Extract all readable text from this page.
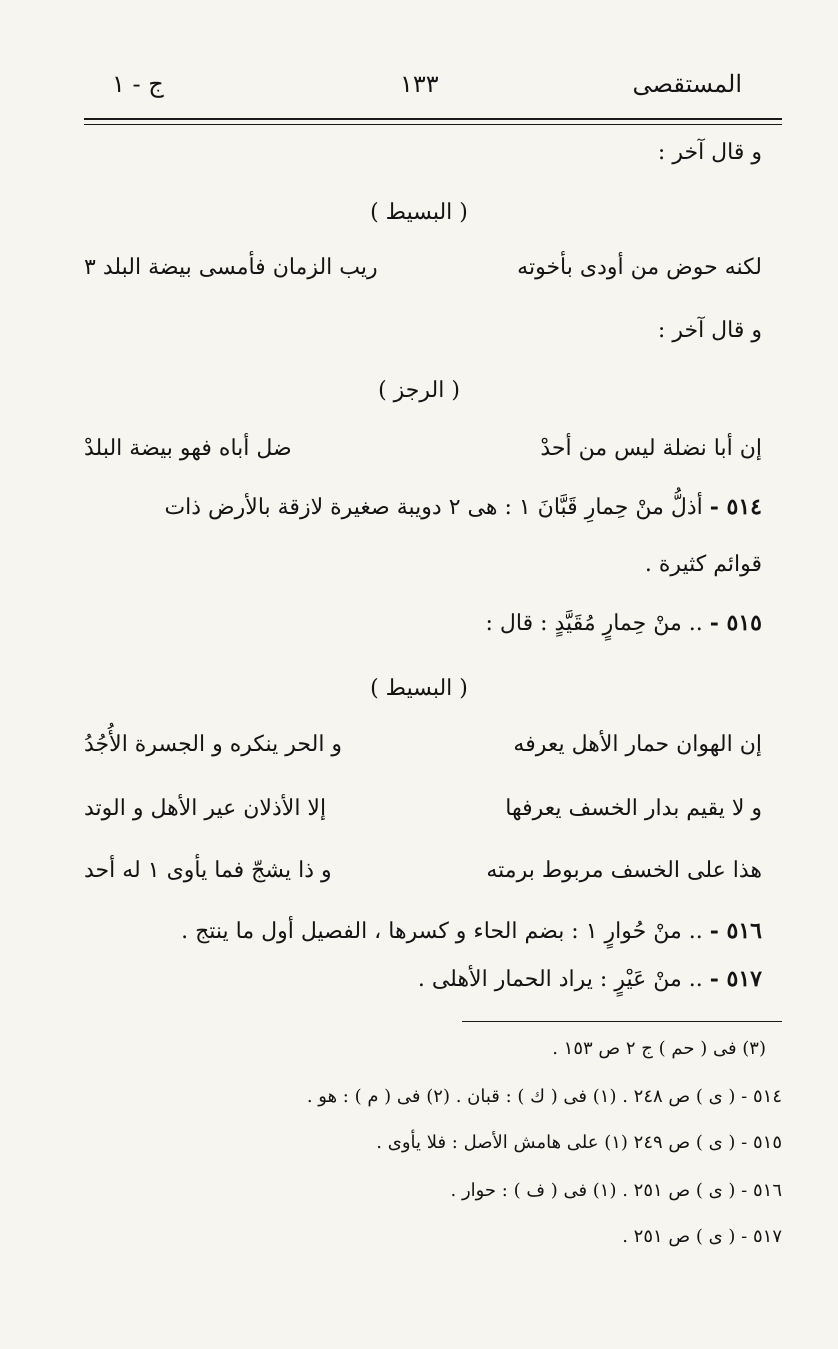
المستقصى
١٣٣
ج - ١
و قال آخر :
( البسيط )
لكنه حوض من أودى بأخوته
ريب الزمان فأمسى بيضة البلد ٣
و قال آخر :
( الرجز )
إن أبا نضلة ليس من أحدْ
ضل أباه فهو بيضة البلدْ
٥١٤ - أذلُّ منْ حِمارِ قَبَّانَ ١ : هى ٢ دويبة صغيرة لازقة بالأرض ذات
قوائم كثيرة .
٥١٥ - .. منْ حِمارٍ مُقَيَّدٍ : قال :
( البسيط )
إن الهوان حمار الأهل يعرفه
و الحر ينكره و الجسرة الأُجُدُ
و لا يقيم بدار الخسف يعرفها
إلا الأذلان عير الأهل و الوتد
هذا على الخسف مربوط برمته
و ذا يشجّ فما يأوى ١ له أحد
٥١٦ - .. منْ حُوارٍ ١ : بضم الحاء و كسرها ، الفصيل أول ما ينتج .
٥١٧ - .. منْ عَيْرٍ : يراد الحمار الأهلى .
(٣) فى ( حم ) ج ٢ ص ١٥٣ .
٥١٤ - ( ى ) ص ٢٤٨ . (١) فى ( ك ) : قبان . (٢) فى ( م ) : هو .
٥١٥ - ( ى ) ص ٢٤٩ (١) على هامش الأصل : فلا يأوى .
٥١٦ - ( ى ) ص ٢٥١ . (١) فى ( ف ) : حوار .
٥١٧ - ( ى ) ص ٢٥١ .
